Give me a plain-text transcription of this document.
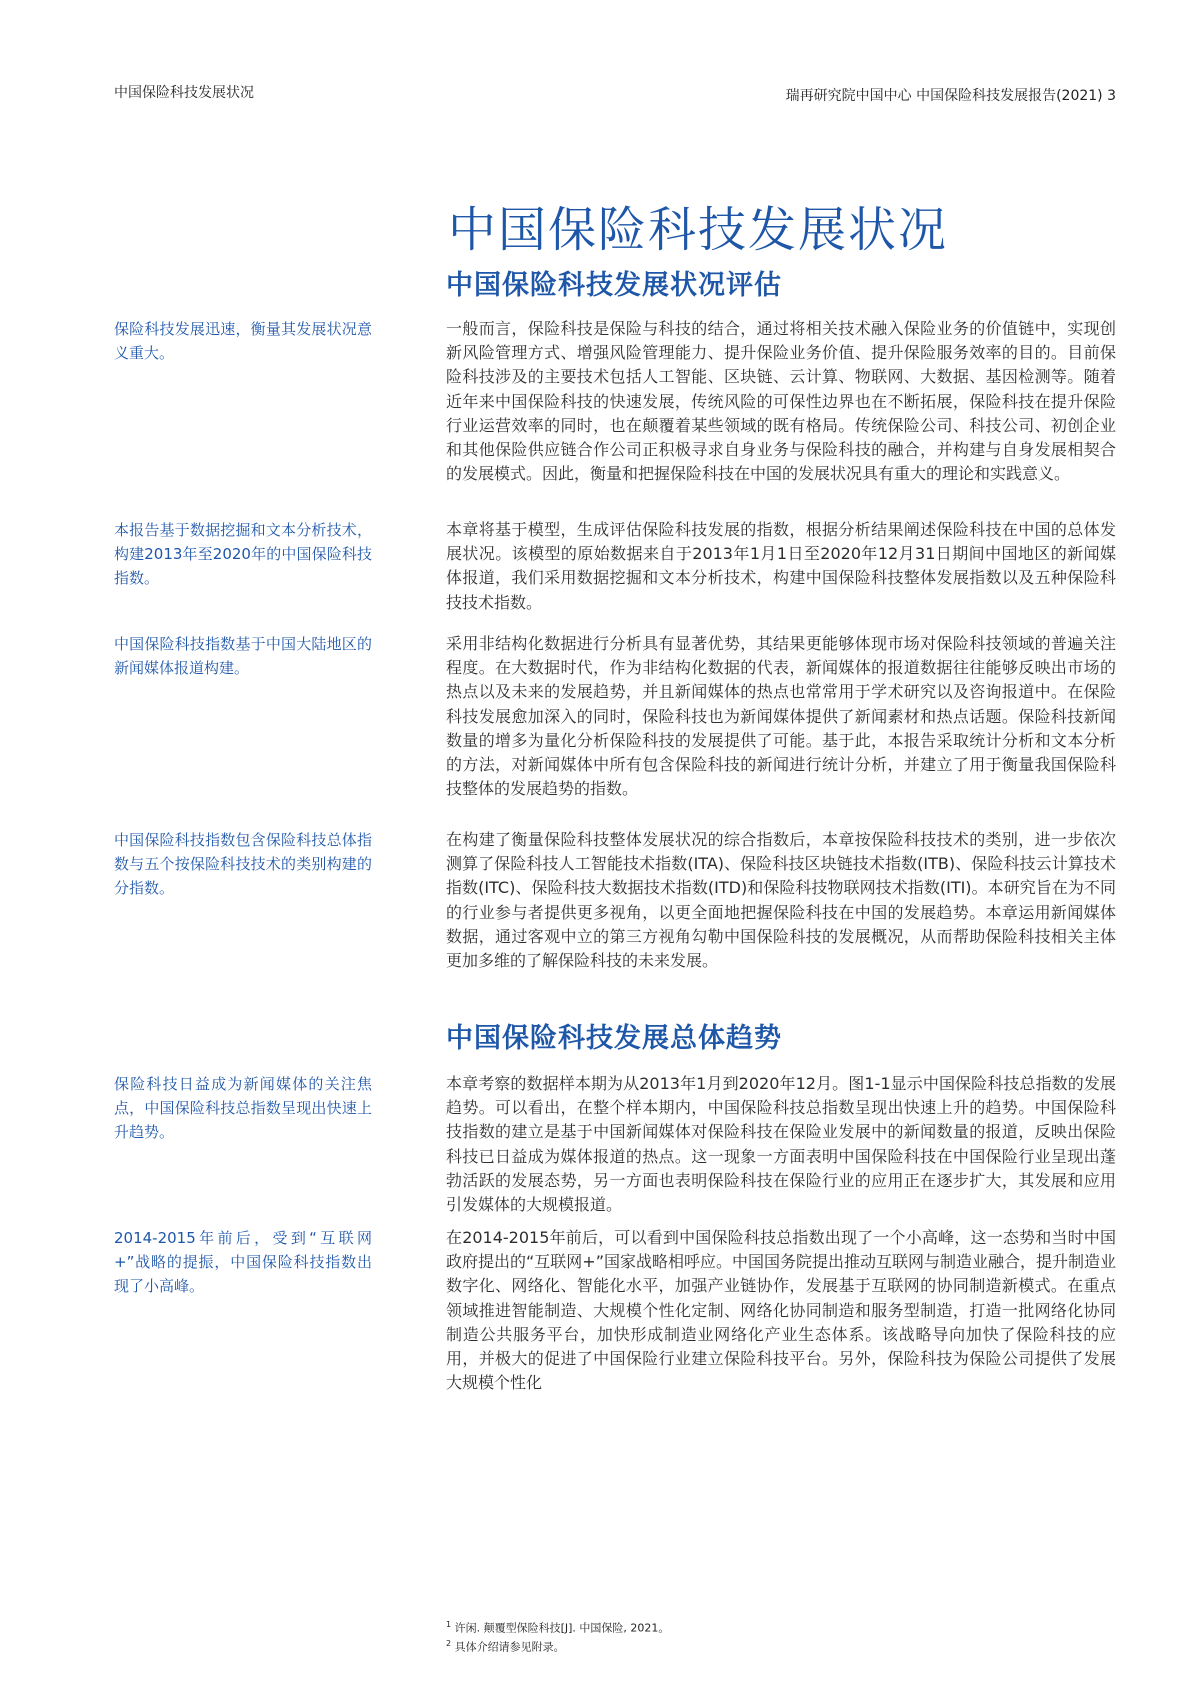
中国保险科技发展状况	瑞再研究院中国中心 中国保险科技发展报告(2021) 3
中国保险科技发展状况
中国保险科技发展状况评估
中国保险科技发展总体趋势

保险科技发展迅速，衡量其发展状况意义重大。

本报告基于数据挖掘和文本分析技术，构建2013年至2020年的中国保险科技指数。

中国保险科技指数基于中国大陆地区的新闻媒体报道构建。

中国保险科技指数包含保险科技总体指数与五个按保险科技技术的类别构建的分指数。

保险科技日益成为新闻媒体的关注焦点，中国保险科技总指数呈现出快速上升趋势。

2014-2015年前后，受到“互联网+”战略的提振，中国保险科技指数出现了小高峰。

一般而言，保险科技是保险与科技的结合，通过将相关技术融入保险业务的价值链中，实现创新风险管理方式、增强风险管理能力、提升保险业务价值、提升保险服务效率的目的。目前保险科技涉及的主要技术包括人工智能、区块链、云计算、物联网、大数据、基因检测等。随着近年来中国保险科技的快速发展，传统风险的可保性边界也在不断拓展，保险科技在提升保险行业运营效率的同时，也在颠覆着某些领域的既有格局。传统保险公司、科技公司、初创企业和其他保险供应链合作公司正积极寻求自身业务与保险科技的融合，并构建与自身发展相契合的发展模式。因此，衡量和把握保险科技在中国的发展状况具有重大的理论和实践意义。

本章将基于模型，生成评估保险科技发展的指数，根据分析结果阐述保险科技在中国的总体发展状况。该模型的原始数据来自于2013年1月1日至2020年12月31日期间中国地区的新闻媒体报道，我们采用数据挖掘和文本分析技术，构建中国保险科技整体发展指数以及五种保险科技技术指数。

采用非结构化数据进行分析具有显著优势，其结果更能够体现市场对保险科技领域的普遍关注程度。在大数据时代，作为非结构化数据的代表，新闻媒体的报道数据往往能够反映出市场的热点以及未来的发展趋势，并且新闻媒体的热点也常常用于学术研究以及咨询报道中。在保险科技发展愈加深入的同时，保险科技也为新闻媒体提供了新闻素材和热点话题。保险科技新闻数量的增多为量化分析保险科技的发展提供了可能。基于此，本报告采取统计分析和文本分析的方法，对新闻媒体中所有包含保险科技的新闻进行统计分析，并建立了用于衡量我国保险科技整体的发展趋势的指数。

在构建了衡量保险科技整体发展状况的综合指数后，本章按保险科技技术的类别，进一步依次测算了保险科技人工智能技术指数(ITA)、保险科技区块链技术指数(ITB)、保险科技云计算技术指数(ITC)、保险科技大数据技术指数(ITD)和保险科技物联网技术指数(ITI)。本研究旨在为不同的行业参与者提供更多视角，以更全面地把握保险科技在中国的发展趋势。本章运用新闻媒体数据，通过客观中立的第三方视角勾勒中国保险科技的发展概况，从而帮助保险科技相关主体更加多维的了解保险科技的未来发展。

本章考察的数据样本期为从2013年1月到2020年12月。图1-1显示中国保险科技总指数的发展趋势。可以看出，在整个样本期内，中国保险科技总指数呈现出快速上升的趋势。中国保险科技指数的建立是基于中国新闻媒体对保险科技在保险业发展中的新闻数量的报道，反映出保险科技已日益成为媒体报道的热点。这一现象一方面表明中国保险科技在中国保险行业呈现出蓬勃活跃的发展态势，另一方面也表明保险科技在保险行业的应用正在逐步扩大，其发展和应用引发媒体的大规模报道。

在2014-2015年前后，可以看到中国保险科技总指数出现了一个小高峰，这一态势和当时中国政府提出的“互联网+”国家战略相呼应。中国国务院提出推动互联网与制造业融合，提升制造业数字化、网络化、智能化水平，加强产业链协作，发展基于互联网的协同制造新模式。在重点领域推进智能制造、大规模个性化定制、网络化协同制造和服务型制造，打造一批网络化协同制造公共服务平台，加快形成制造业网络化产业生态体系。该战略导向加快了保险科技的应用，并极大的促进了中国保险行业建立保险科技平台。另外，保险科技为保险公司提供了发展大规模个性化

$^1$ 许闲. 颠覆型保险科技[J]. 中国保险, 2021。
$^2$ 具体介绍请参见附录。
